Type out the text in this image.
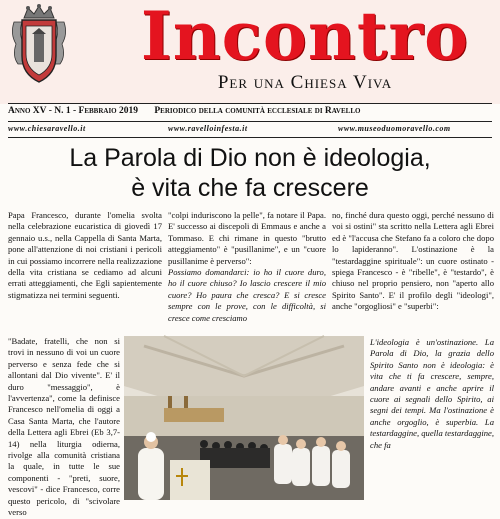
Incontro
Per una Chiesa Viva
Anno XV - N. 1 - Febbraio 2019 Periodico della comunità ecclesiale di Ravello
www.chiesaravello.it	www.ravelloinfesta.it	www.museoduomoravello.com
La Parola di Dio non è ideologia,
è vita che fa crescere
Papa Francesco, durante l'omelia svolta nella celebrazione eucaristica di giovedì 17 gennaio u.s., nella Cappella di Santa Marta, pone all'attenzione di noi cristiani i pericoli in cui possiamo incorrere nella realizzazione della vita cristiana se cediamo ad alcuni errati atteggiamenti, che Egli sapientemente stigmatizza nei termini seguenti.
"Badate, fratelli, che non si trovi in nessuno di voi un cuore perverso e senza fede che si allontani dal Dio vivente". E' il duro "messaggio", è l'avvertenza", come la definisce Francesco nell'omelia di oggi a Casa Santa Marta, che l'autore della Lettera agli Ebrei (Eb 3,7-14) nella liturgia odierna, rivolge alla comunità cristiana la quale, in tutte le sue componenti - "preti, suore, vescovi" - dice Francesco, corre questo pericolo, di "scivolare verso
"colpi induriscono la pelle", fa notare il Papa. E' successo ai discepoli di Emmaus e anche a Tommaso. E chi rimane in questo "brutto atteggiamento" è "pusillanime", e un "cuore pusillanime è perverso":
Possiamo domandarci: io ho il cuore duro, ho il cuore chiuso? Io lascio crescere il mio cuore? Ho paura che cresca? E si cresce sempre con le prove, con le difficoltà, si cresce come cresciamo
no, finché dura questo oggi, perché nessuno di voi si ostini" sta scritto nella Lettera agli Ebrei ed è "l'accusa che Stefano fa a coloro che dopo lo lapideranno". L'ostinazione è la "testardaggine spirituale": un cuore ostinato - spiega Francesco - è "ribelle", è "testardo", è chiuso nel proprio pensiero, non "aperto allo Spirito Santo". E' il profilo degli "ideologi", anche "orgogliosi" e "superbi":
L'ideologia è un'ostinazione. La Parola di Dio, la grazia dello Spirito Santo non è ideologia: è vita che ti fa crescere, sempre, andare avanti e anche aprire il cuore ai segnali dello Spirito, ai segni dei tempi. Ma l'ostinazione è anche orgoglio, è superbia. La testardaggine, quella testardaggine, che fa
